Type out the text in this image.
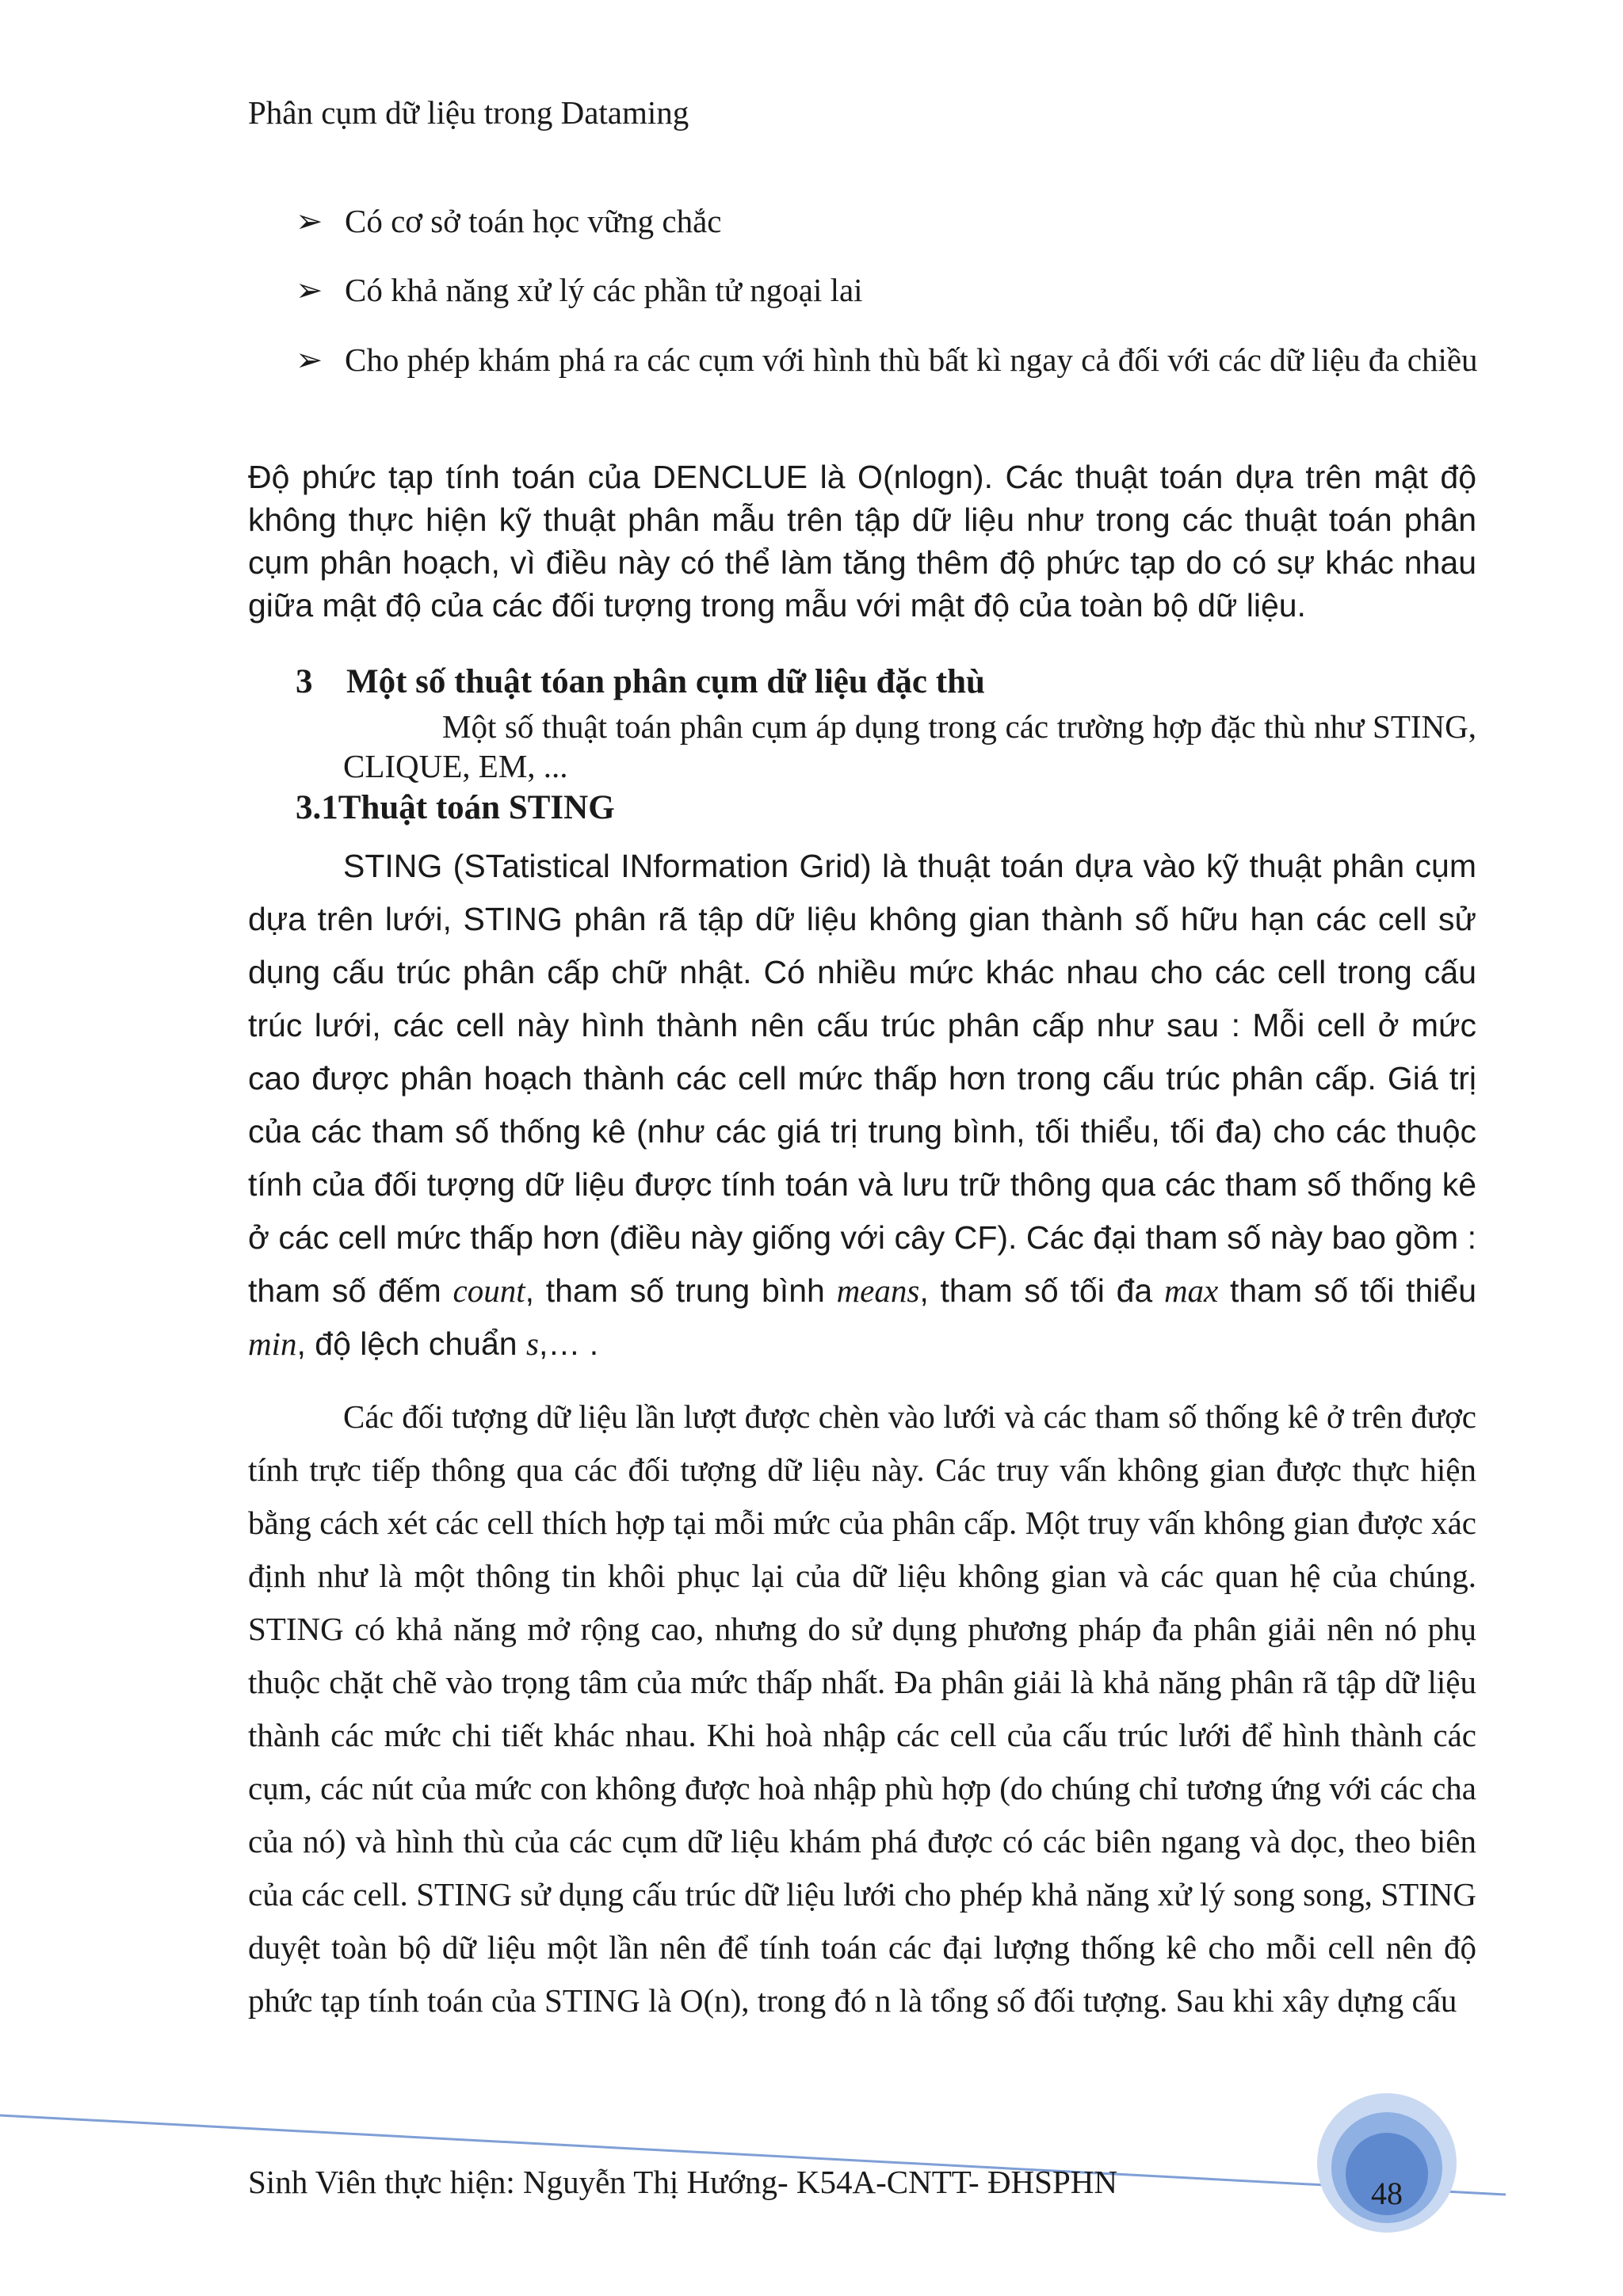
Phân cụm dữ liệu trong Dataming
➢ Có cơ sở toán học vững chắc
➢ Có khả năng xử lý các phần tử ngoại lai
➢ Cho phép khám phá ra các cụm với hình thù bất kì ngay cả đối với các dữ liệu đa chiều
Độ phức tạp tính toán của DENCLUE là O(nlogn). Các thuật toán dựa trên mật độ không thực hiện kỹ thuật phân mẫu trên tập dữ liệu như trong các thuật toán phân cụm phân hoạch, vì điều này có thể làm tăng thêm độ phức tạp do có sự khác nhau giữa mật độ của các đối tượng trong mẫu với mật độ của toàn bộ dữ liệu.
3 Một số thuật tóan phân cụm dữ liệu đặc thù
Một số thuật toán phân cụm áp dụng trong các trường hợp đặc thù như STING, CLIQUE, EM, ...
3.1Thuật toán STING
STING (STatistical INformation Grid) là thuật toán dựa vào kỹ thuật phân cụm dựa trên lưới, STING phân rã tập dữ liệu không gian thành số hữu hạn các cell sử dụng cấu trúc phân cấp chữ nhật. Có nhiều mức khác nhau cho các cell trong cấu trúc lưới, các cell này hình thành nên cấu trúc phân cấp như sau : Mỗi cell ở mức cao được phân hoạch thành các cell mức thấp hơn trong cấu trúc phân cấp. Giá trị của các tham số thống kê (như các giá trị trung bình, tối thiểu, tối đa) cho các thuộc tính của đối tượng dữ liệu được tính toán và lưu trữ thông qua các tham số thống kê ở các cell mức thấp hơn (điều này giống với cây CF). Các đại tham số này bao gồm : tham số đếm count, tham số trung bình means, tham số tối đa max tham số tối thiểu min, độ lệch chuẩn s,… .
Các đối tượng dữ liệu lần lượt được chèn vào lưới và các tham số thống kê ở trên được tính trực tiếp thông qua các đối tượng dữ liệu này. Các truy vấn không gian được thực hiện bằng cách xét các cell thích hợp tại mỗi mức của phân cấp. Một truy vấn không gian được xác định như là một thông tin khôi phục lại của dữ liệu không gian và các quan hệ của chúng. STING có khả năng mở rộng cao, nhưng do sử dụng phương pháp đa phân giải nên nó phụ thuộc chặt chẽ vào trọng tâm của mức thấp nhất. Đa phân giải là khả năng phân rã tập dữ liệu thành các mức chi tiết khác nhau. Khi hoà nhập các cell của cấu trúc lưới để hình thành các cụm, các nút của mức con không được hoà nhập phù hợp (do chúng chỉ tương ứng với các cha của nó) và hình thù của các cụm dữ liệu khám phá được có các biên ngang và dọc, theo biên của các cell. STING sử dụng cấu trúc dữ liệu lưới cho phép khả năng xử lý song song, STING duyệt toàn bộ dữ liệu một lần nên để tính toán các đại lượng thống kê cho mỗi cell nên độ phức tạp tính toán của STING là O(n), trong đó n là tổng số đối tượng. Sau khi xây dựng cấu
Sinh Viên thực hiện: Nguyễn Thị Hướng- K54A-CNTT- ĐHSPHN	48
